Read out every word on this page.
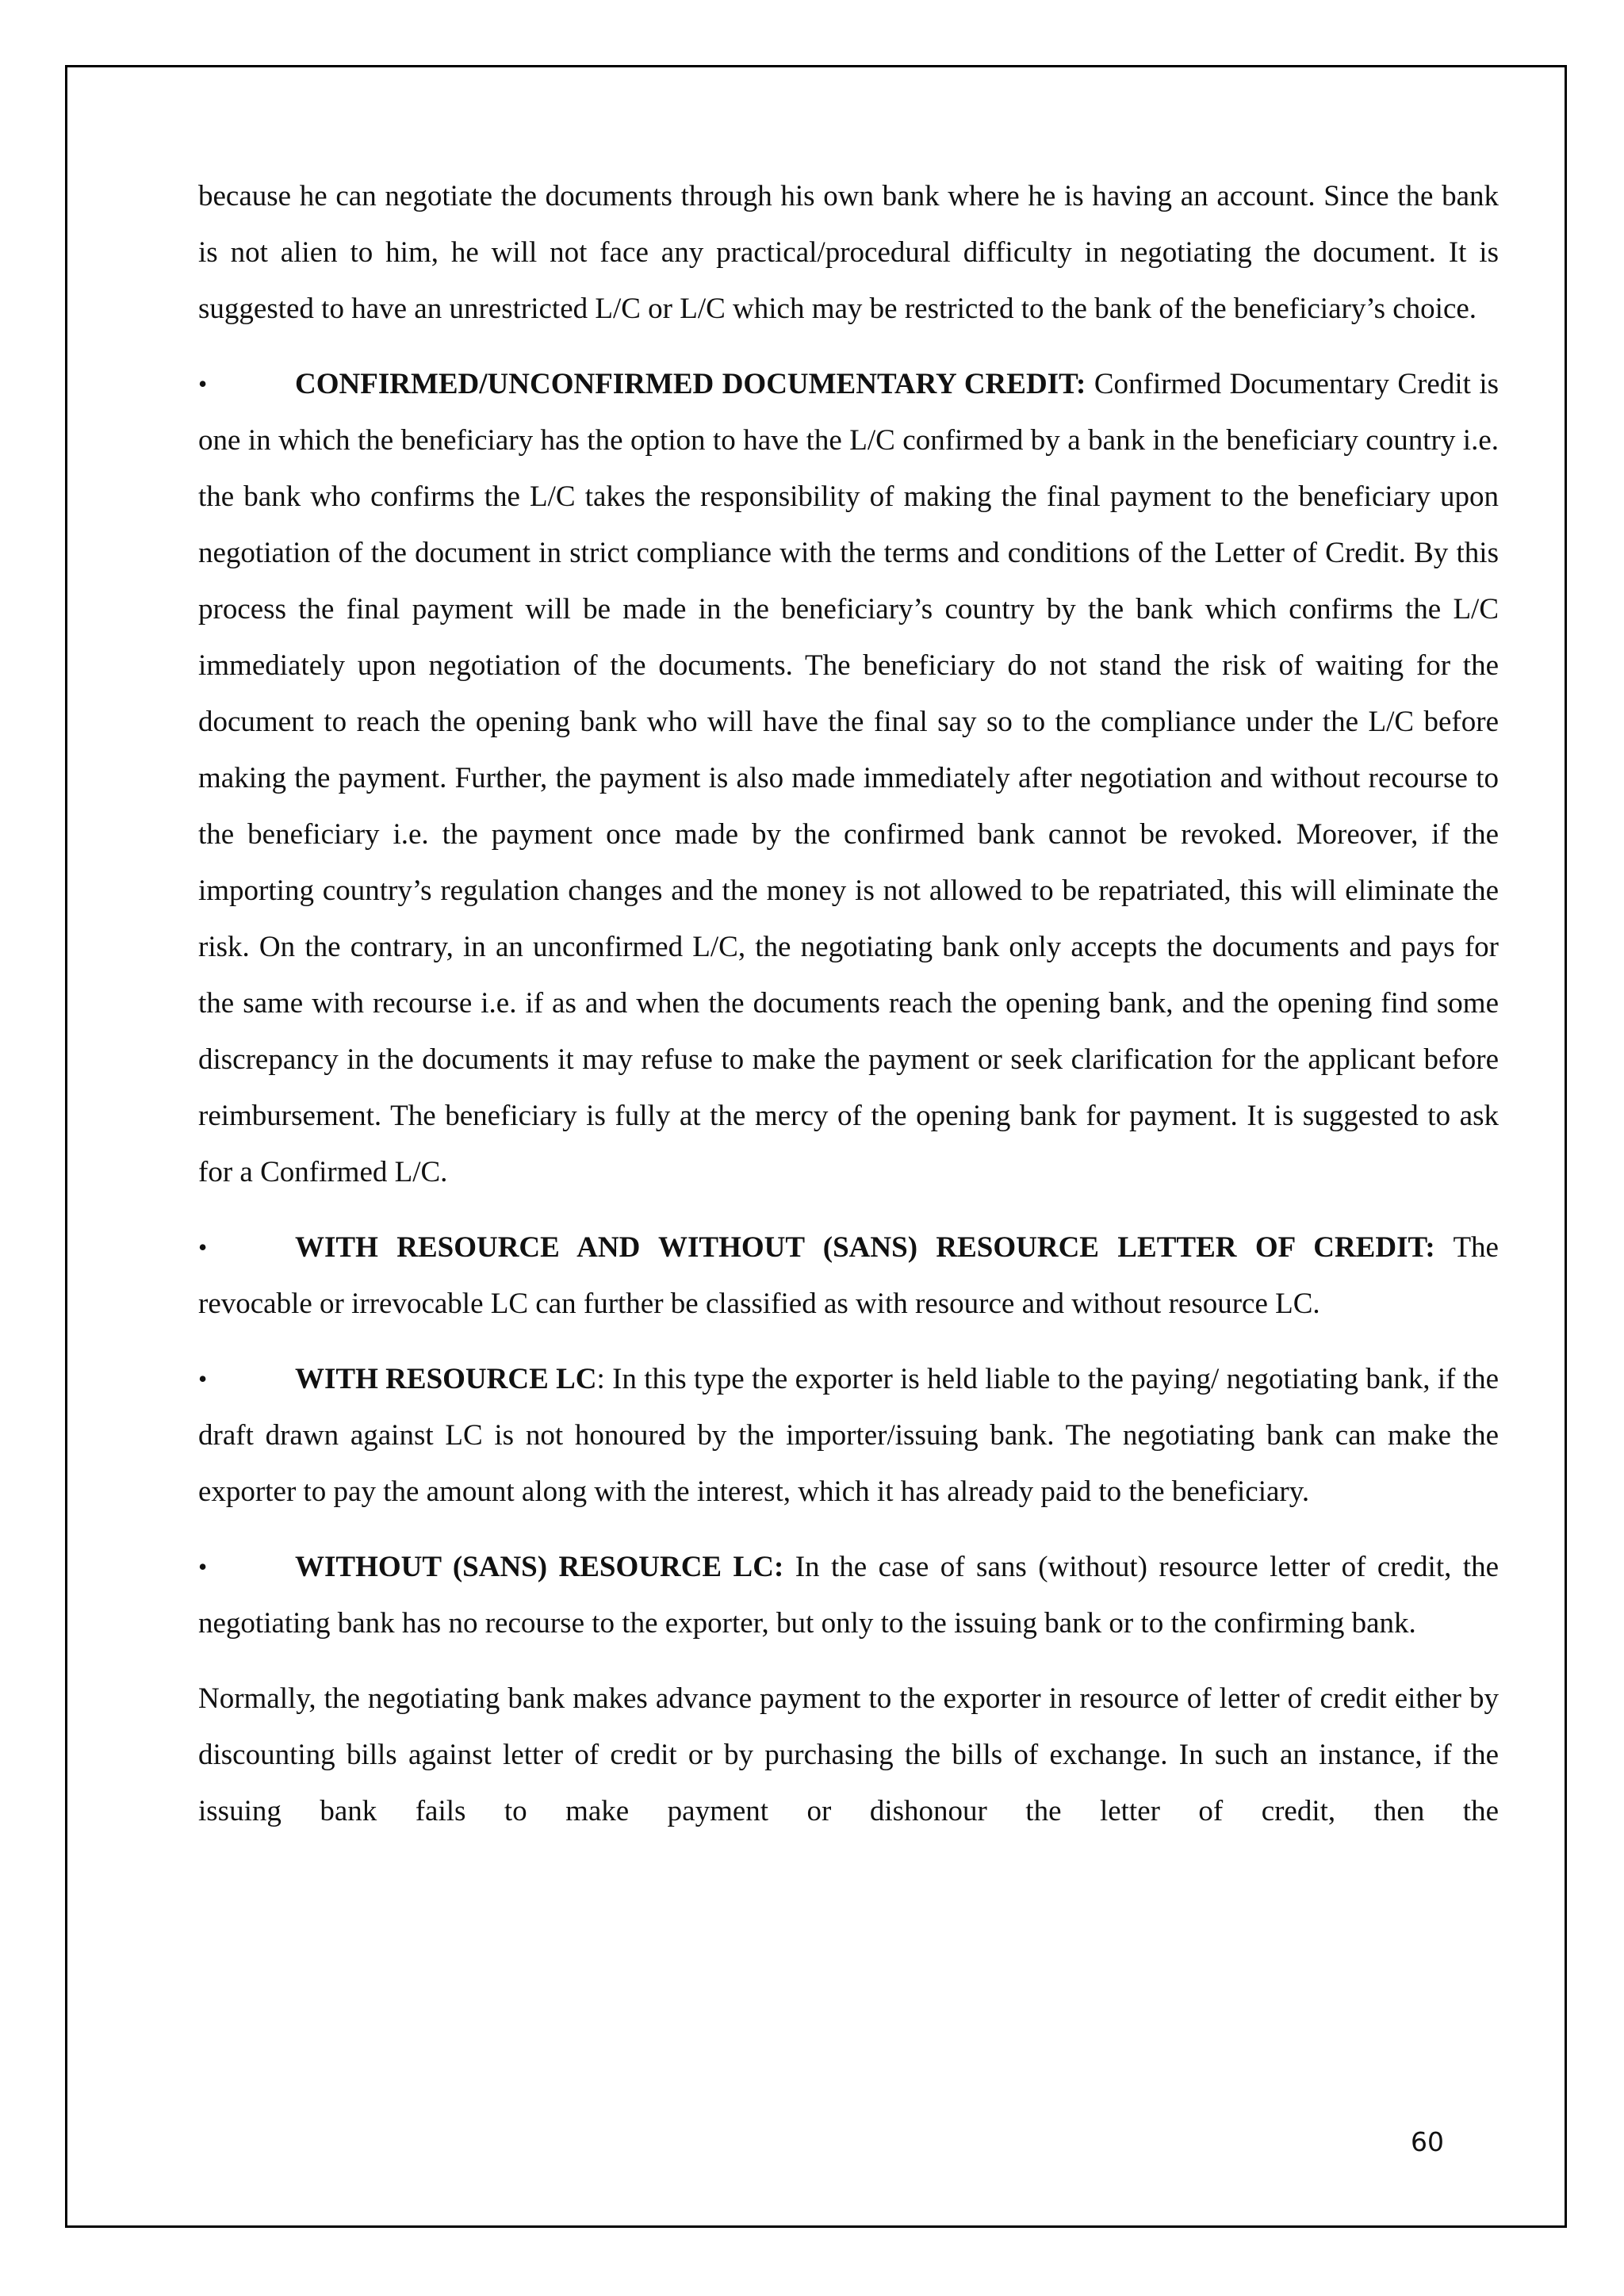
because he can negotiate the documents through his own bank where he is having an account. Since the bank is not alien to him, he will not face any practical/procedural difficulty in negotiating the document. It is suggested to have an unrestricted L/C or L/C which may be restricted to the bank of the beneficiary’s choice.

•	CONFIRMED/UNCONFIRMED DOCUMENTARY CREDIT: Confirmed Documentary Credit is one in which the beneficiary has the option to have the L/C confirmed by a bank in the beneficiary country i.e. the bank who confirms the L/C takes the responsibility of making the final payment to the beneficiary upon negotiation of the document in strict compliance with the terms and conditions of the Letter of Credit. By this process the final payment will be made in the beneficiary’s country by the bank which confirms the L/C immediately upon negotiation of the documents. The beneficiary do not stand the risk of waiting for the document to reach the opening bank who will have the final say so to the compliance under the L/C before making the payment. Further, the payment is also made immediately after negotiation and without recourse to the beneficiary i.e. the payment once made by the confirmed bank cannot be revoked. Moreover, if the importing country’s regulation changes and the money is not allowed to be repatriated, this will eliminate the risk. On the contrary, in an unconfirmed L/C, the negotiating bank only accepts the documents and pays for the same with recourse i.e. if as and when the documents reach the opening bank, and the opening find some discrepancy in the documents it may refuse to make the payment or seek clarification for the applicant before reimbursement. The beneficiary is fully at the mercy of the opening bank for payment. It is suggested to ask for a Confirmed L/C.

•	WITH RESOURCE AND WITHOUT (SANS) RESOURCE LETTER OF CREDIT: The revocable or irrevocable LC can further be classified as with resource and without resource LC.

•	WITH RESOURCE LC: In this type the exporter is held liable to the paying/ negotiating bank, if the draft drawn against LC is not honoured by the importer/issuing bank. The negotiating bank can make the exporter to pay the amount along with the interest, which it has already paid to the beneficiary.

•	WITHOUT (SANS) RESOURCE LC: In the case of sans (without) resource letter of credit, the negotiating bank has no recourse to the exporter, but only to the issuing bank or to the confirming bank.

Normally, the negotiating bank makes advance payment to the exporter in resource of letter of credit either by discounting bills against letter of credit or by purchasing the bills of exchange. In such an instance, if the issuing bank fails to make payment or dishonour the letter of credit, then the

60
